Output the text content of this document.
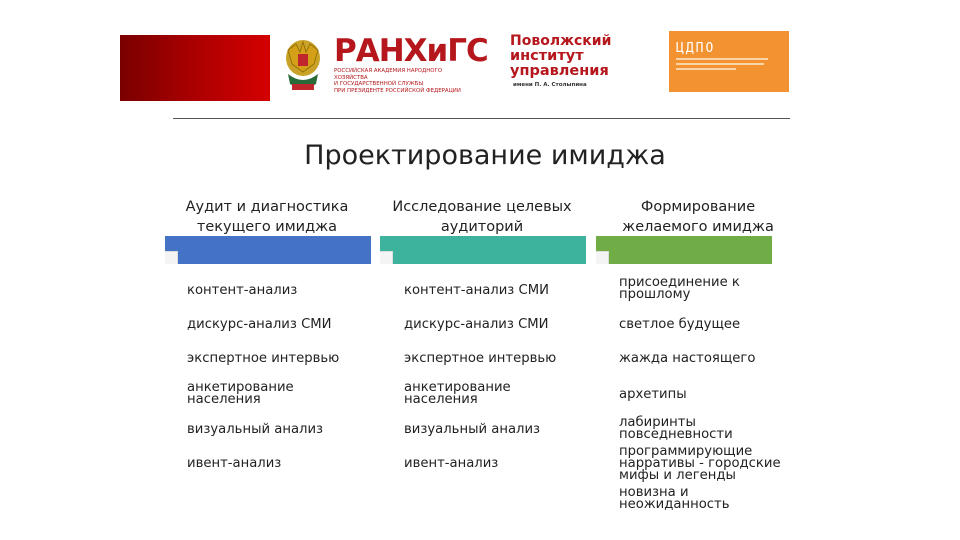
РАНХиГС
РОССИЙСКАЯ АКАДЕМИЯ НАРОДНОГО ХОЗЯЙСТВА
И ГОСУДАРСТВЕННОЙ СЛУЖБЫ
ПРИ ПРЕЗИДЕНТЕ РОССИЙСКОЙ ФЕДЕРАЦИИ
Поволжский
институт
управления
имени П. А. Столыпина
ЦДПО
Проектирование имиджа
Аудит и диагностика
текущего имиджа
Исследование целевых
аудиторий
Формирование
желаемого имиджа
контент-анализ
дискурс-анализ СМИ
экспертное интервью
анкетирование
населения
визуальный анализ
ивент-анализ
контент-анализ СМИ
дискурс-анализ СМИ
экспертное интервью
анкетирование
населения
визуальный анализ
ивент-анализ
присоединение к
прошлому
светлое будущее
жажда настоящего
архетипы
лабиринты
повседневности
программирующие
нарративы - городские
мифы и легенды
новизна и
неожиданность
